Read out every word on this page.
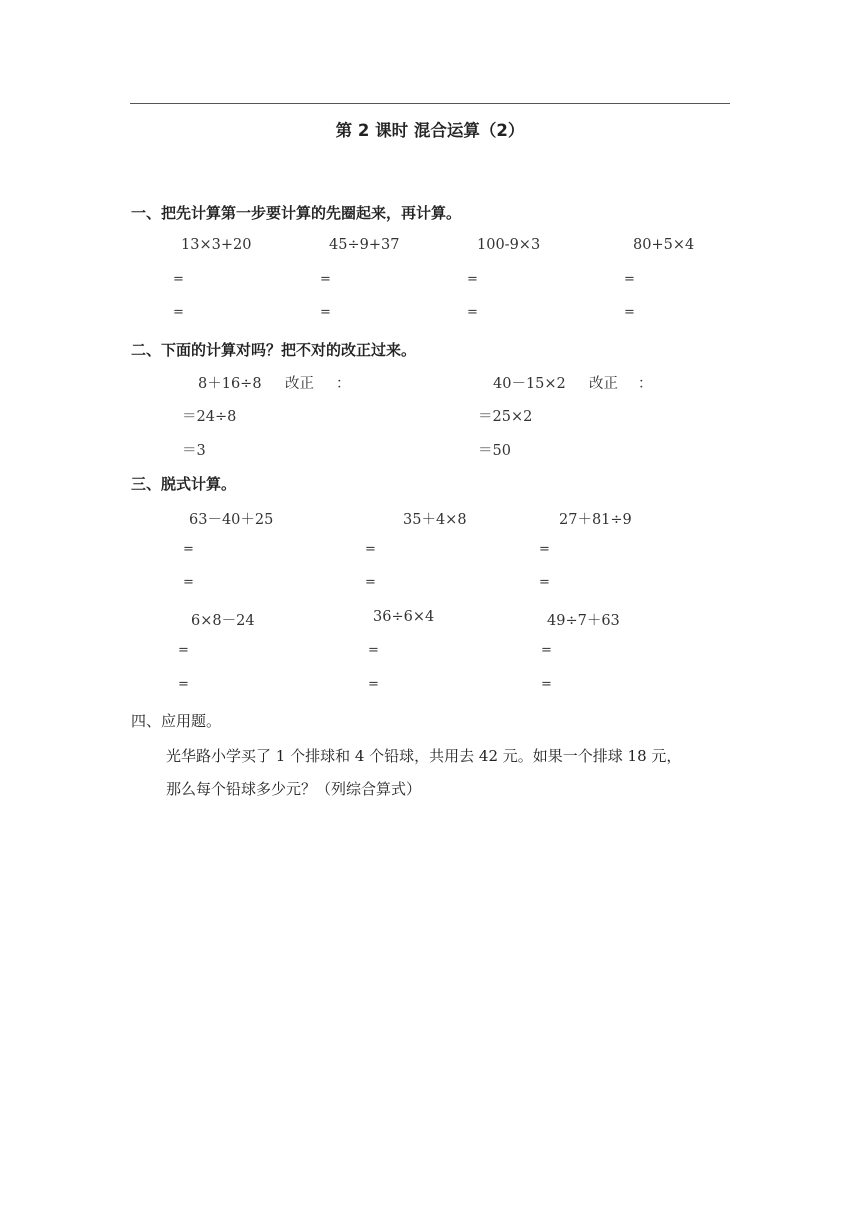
第 2 课时 混合运算（2）
一、把先计算第一步要计算的先圈起来，再计算。
13×3+20	45÷9+37	100-9×3	80+5×4
=	=	=	=
=	=	=	=
二、下面的计算对吗？把不对的改正过来。
8＋16÷8 改正 ：
＝24÷8
＝3
40－15×2 改正 ：
＝25×2
＝50
三、脱式计算。
63－40＋25	35＋4×8	27＋81÷9
=	=	=
=	=	=
6×8－24	36÷6×4	49÷7＋63
=	=	=
=	=	=
四、应用题。
光华路小学买了 1 个排球和 4 个铅球，共用去 42 元。如果一个排球 18 元，
那么每个铅球多少元？（列综合算式）
